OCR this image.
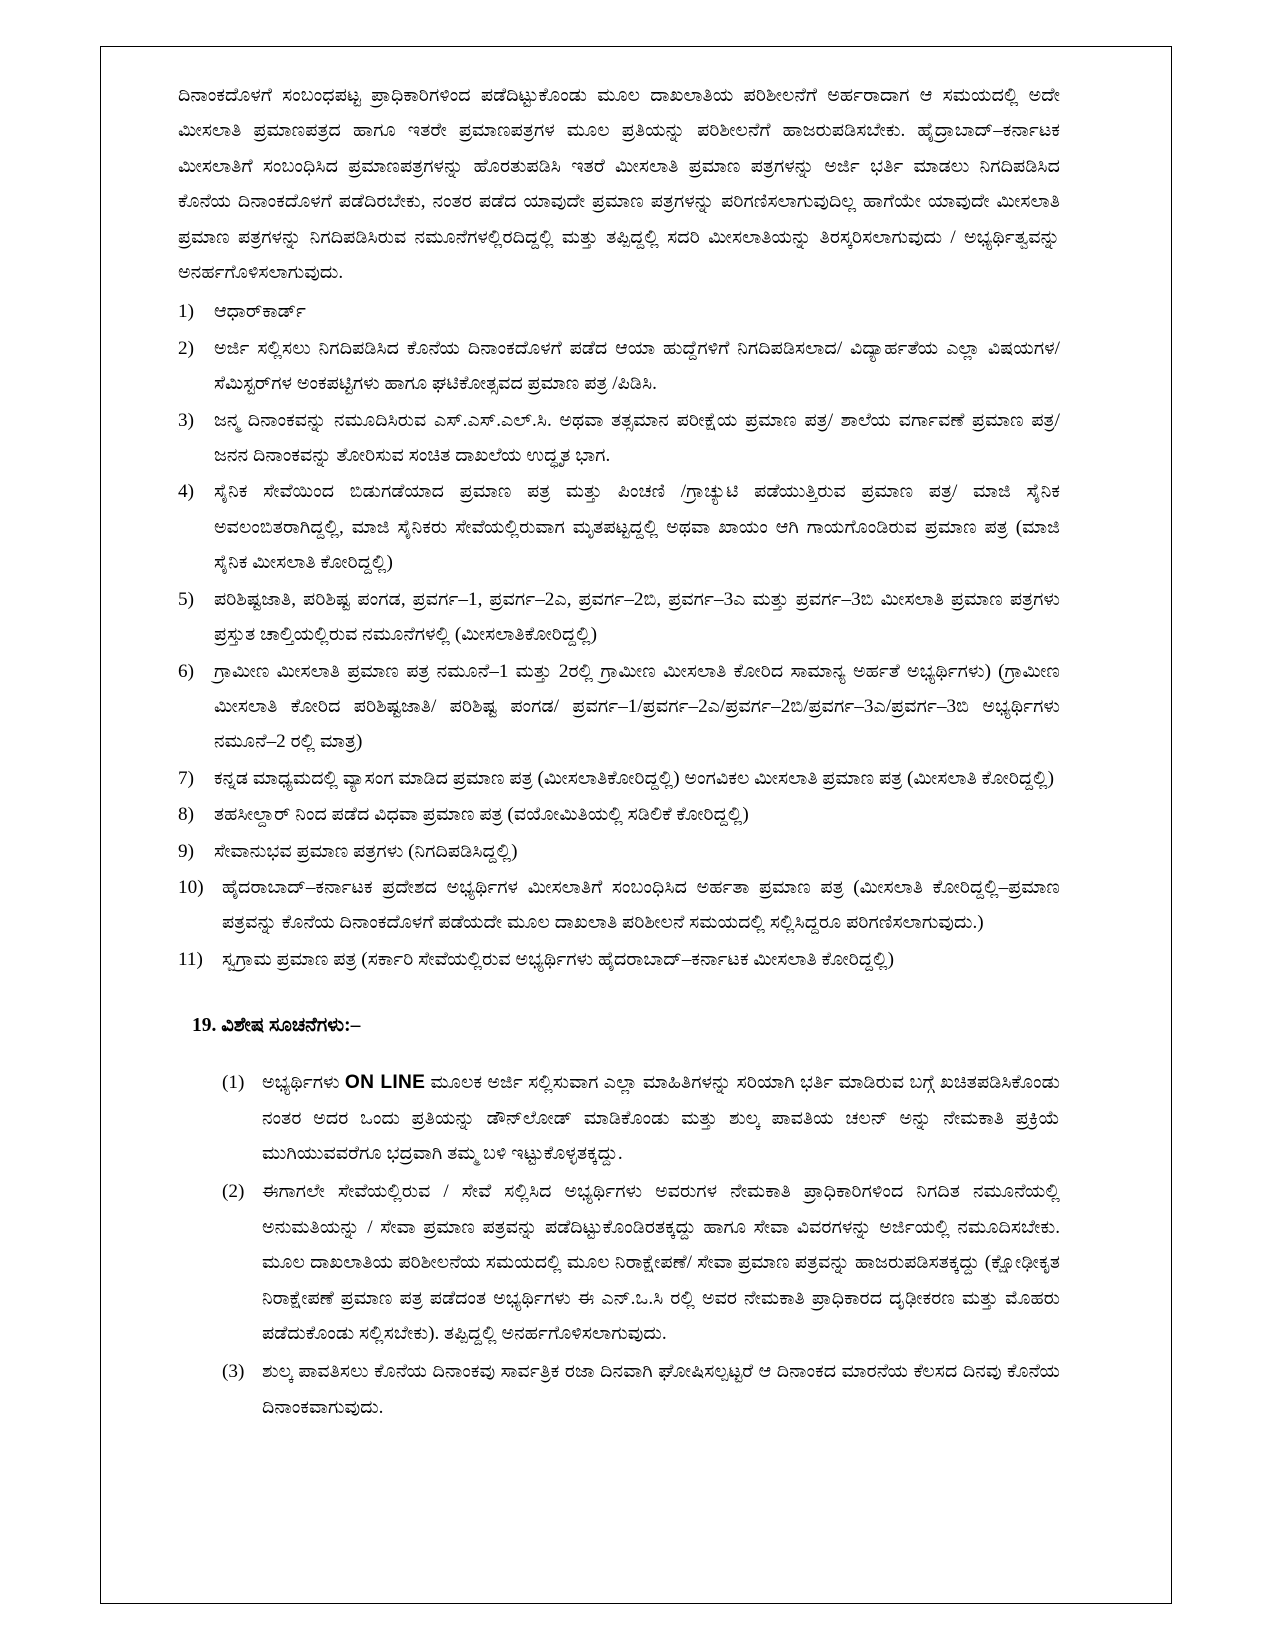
ದಿನಾಂಕದೊಳಗೆ ಸಂಬಂಧಪಟ್ಟ ಪ್ರಾಧಿಕಾರಿಗಳಿಂದ ಪಡೆದಿಟ್ಟುಕೊಂಡು ಮೂಲ ದಾಖಲಾತಿಯ ಪರಿಶೀಲನೆಗೆ ಅರ್ಹರಾದಾಗ ಆ ಸಮಯದಲ್ಲಿ ಅದೇ ಮೀಸಲಾತಿ ಪ್ರಮಾಣಪತ್ರದ ಹಾಗೂ ಇತರೇ ಪ್ರಮಾಣಪತ್ರಗಳ ಮೂಲ ಪ್ರತಿಯನ್ನು ಪರಿಶೀಲನೆಗೆ ಹಾಜರುಪಡಿಸಬೇಕು. ಹೈದ್ರಾಬಾದ್–ಕರ್ನಾಟಕ ಮೀಸಲಾತಿಗೆ ಸಂಬಂಧಿಸಿದ ಪ್ರಮಾಣಪತ್ರಗಳನ್ನು ಹೊರತುಪಡಿಸಿ ಇತರೆ ಮೀಸಲಾತಿ ಪ್ರಮಾಣ ಪತ್ರಗಳನ್ನು ಅರ್ಜಿ ಭರ್ತಿ ಮಾಡಲು ನಿಗದಿಪಡಿಸಿದ ಕೊನೆಯ ದಿನಾಂಕದೊಳಗೆ ಪಡೆದಿರಬೇಕು, ನಂತರ ಪಡೆದ ಯಾವುದೇ ಪ್ರಮಾಣ ಪತ್ರಗಳನ್ನು ಪರಿಗಣಿಸಲಾಗುವುದಿಲ್ಲ ಹಾಗೆಯೇ ಯಾವುದೇ ಮೀಸಲಾತಿ ಪ್ರಮಾಣ ಪತ್ರಗಳನ್ನು ನಿಗದಿಪಡಿಸಿರುವ ನಮೂನೆಗಳಲ್ಲಿರದಿದ್ದಲ್ಲಿ ಮತ್ತು ತಪ್ಪಿದ್ದಲ್ಲಿ ಸದರಿ ಮೀಸಲಾತಿಯನ್ನು ತಿರಸ್ಕರಿಸಲಾಗುವುದು / ಅಭ್ಯರ್ಥಿತ್ವವನ್ನು ಅನರ್ಹಗೊಳಿಸಲಾಗುವುದು.

1)	ಆಧಾರ್‌ಕಾರ್ಡ್
2)	ಅರ್ಜಿ ಸಲ್ಲಿಸಲು ನಿಗದಿಪಡಿಸಿದ ಕೊನೆಯ ದಿನಾಂಕದೊಳಗೆ ಪಡೆದ ಆಯಾ ಹುದ್ದೆಗಳಿಗೆ ನಿಗದಿಪಡಿಸಲಾದ/ ವಿದ್ಯಾರ್ಹತೆಯ ಎಲ್ಲಾ ವಿಷಯಗಳ/ ಸೆಮಿಸ್ಟರ್‌ಗಳ ಅಂಕಪಟ್ಟಿಗಳು ಹಾಗೂ ಘಟಿಕೋತ್ಸವದ ಪ್ರಮಾಣ ಪತ್ರ /ಪಿಡಿಸಿ.
3)	ಜನ್ಮ ದಿನಾಂಕವನ್ನು ನಮೂದಿಸಿರುವ ಎಸ್.ಎಸ್.ಎಲ್.ಸಿ. ಅಥವಾ ತತ್ಸಮಾನ ಪರೀಕ್ಷೆಯ ಪ್ರಮಾಣ ಪತ್ರ/ ಶಾಲೆಯ ವರ್ಗಾವಣೆ ಪ್ರಮಾಣ ಪತ್ರ/ ಜನನ ದಿನಾಂಕವನ್ನು ತೋರಿಸುವ ಸಂಚಿತ ದಾಖಲೆಯ ಉದ್ಧೃತ ಭಾಗ.
4)	ಸೈನಿಕ ಸೇವೆಯಿಂದ ಬಿಡುಗಡೆಯಾದ ಪ್ರಮಾಣ ಪತ್ರ ಮತ್ತು ಪಿಂಚಣಿ /ಗ್ರಾಚ್ಯುಟಿ ಪಡೆಯುತ್ತಿರುವ ಪ್ರಮಾಣ ಪತ್ರ/ ಮಾಜಿ ಸೈನಿಕ ಅವಲಂಬಿತರಾಗಿದ್ದಲ್ಲಿ, ಮಾಜಿ ಸೈನಿಕರು ಸೇವೆಯಲ್ಲಿರುವಾಗ ಮೃತಪಟ್ಟದ್ದಲ್ಲಿ ಅಥವಾ ಖಾಯಂ ಆಗಿ ಗಾಯಗೊಂಡಿರುವ ಪ್ರಮಾಣ ಪತ್ರ (ಮಾಜಿ ಸೈನಿಕ ಮೀಸಲಾತಿ ಕೋರಿದ್ದಲ್ಲಿ)
5)	ಪರಿಶಿಷ್ಟಜಾತಿ, ಪರಿಶಿಷ್ಟ ಪಂಗಡ, ಪ್ರವರ್ಗ–1, ಪ್ರವರ್ಗ–2ಎ, ಪ್ರವರ್ಗ–2ಬಿ, ಪ್ರವರ್ಗ–3ಎ ಮತ್ತು ಪ್ರವರ್ಗ–3ಬಿ ಮೀಸಲಾತಿ ಪ್ರಮಾಣ ಪತ್ರಗಳು ಪ್ರಸ್ತುತ ಚಾಲ್ತಿಯಲ್ಲಿರುವ ನಮೂನೆಗಳಲ್ಲಿ (ಮೀಸಲಾತಿಕೋರಿದ್ದಲ್ಲಿ)
6)	ಗ್ರಾಮೀಣ ಮೀಸಲಾತಿ ಪ್ರಮಾಣ ಪತ್ರ ನಮೂನೆ–1 ಮತ್ತು 2ರಲ್ಲಿ ಗ್ರಾಮೀಣ ಮೀಸಲಾತಿ ಕೋರಿದ ಸಾಮಾನ್ಯ ಅರ್ಹತೆ ಅಭ್ಯರ್ಥಿಗಳು) (ಗ್ರಾಮೀಣ ಮೀಸಲಾತಿ ಕೋರಿದ ಪರಿಶಿಷ್ಟಜಾತಿ/ ಪರಿಶಿಷ್ಟ ಪಂಗಡ/ ಪ್ರವರ್ಗ–1/ಪ್ರವರ್ಗ–2ಎ/ಪ್ರವರ್ಗ–2ಬಿ/ಪ್ರವರ್ಗ–3ಎ/ಪ್ರವರ್ಗ–3ಬಿ ಅಭ್ಯರ್ಥಿಗಳು ನಮೂನೆ–2 ರಲ್ಲಿ ಮಾತ್ರ)
7)	ಕನ್ನಡ ಮಾಧ್ಯಮದಲ್ಲಿ ವ್ಯಾಸಂಗ ಮಾಡಿದ ಪ್ರಮಾಣ ಪತ್ರ (ಮೀಸಲಾತಿಕೋರಿದ್ದಲ್ಲಿ) ಅಂಗವಿಕಲ ಮೀಸಲಾತಿ ಪ್ರಮಾಣ ಪತ್ರ (ಮೀಸಲಾತಿ ಕೋರಿದ್ದಲ್ಲಿ)
8)	ತಹಸೀಲ್ದಾರ್ ನಿಂದ ಪಡೆದ ವಿಧವಾ ಪ್ರಮಾಣ ಪತ್ರ (ವಯೋಮಿತಿಯಲ್ಲಿ ಸಡಿಲಿಕೆ ಕೋರಿದ್ದಲ್ಲಿ)
9)	ಸೇವಾನುಭವ ಪ್ರಮಾಣ ಪತ್ರಗಳು (ನಿಗದಿಪಡಿಸಿದ್ದಲ್ಲಿ)
10) ಹೈದರಾಬಾದ್–ಕರ್ನಾಟಕ ಪ್ರದೇಶದ ಅಭ್ಯರ್ಥಿಗಳ ಮೀಸಲಾತಿಗೆ ಸಂಬಂಧಿಸಿದ ಅರ್ಹತಾ ಪ್ರಮಾಣ ಪತ್ರ (ಮೀಸಲಾತಿ ಕೋರಿದ್ದಲ್ಲಿ–ಪ್ರಮಾಣ ಪತ್ರವನ್ನು ಕೊನೆಯ ದಿನಾಂಕದೊಳಗೆ ಪಡೆಯದೇ ಮೂಲ ದಾಖಲಾತಿ ಪರಿಶೀಲನೆ ಸಮಯದಲ್ಲಿ ಸಲ್ಲಿಸಿದ್ದರೂ ಪರಿಗಣಿಸಲಾಗುವುದು.)
11) ಸ್ವಗ್ರಾಮ ಪ್ರಮಾಣ ಪತ್ರ (ಸರ್ಕಾರಿ ಸೇವೆಯಲ್ಲಿರುವ ಅಭ್ಯರ್ಥಿಗಳು ಹೈದರಾಬಾದ್–ಕರ್ನಾಟಕ ಮೀಸಲಾತಿ ಕೋರಿದ್ದಲ್ಲಿ)
19. ವಿಶೇಷ ಸೂಚನೆಗಳು:–
(1) ಅಭ್ಯರ್ಥಿಗಳು ON LINE ಮೂಲಕ ಅರ್ಜಿ ಸಲ್ಲಿಸುವಾಗ ಎಲ್ಲಾ ಮಾಹಿತಿಗಳನ್ನು ಸರಿಯಾಗಿ ಭರ್ತಿ ಮಾಡಿರುವ ಬಗ್ಗೆ ಖಚಿತಪಡಿಸಿಕೊಂಡು ನಂತರ ಅದರ ಒಂದು ಪ್ರತಿಯನ್ನು ಡೌನ್‌ಲೋಡ್ ಮಾಡಿಕೊಂಡು ಮತ್ತು ಶುಲ್ಕ ಪಾವತಿಯ ಚಲನ್ ಅನ್ನು ನೇಮಕಾತಿ ಪ್ರಕ್ರಿಯೆ ಮುಗಿಯುವವರೆಗೂ ಭದ್ರವಾಗಿ ತಮ್ಮ ಬಳಿ ಇಟ್ಟುಕೊಳ್ಳತಕ್ಕದ್ದು.
(2) ಈಗಾಗಲೇ ಸೇವೆಯಲ್ಲಿರುವ / ಸೇವೆ ಸಲ್ಲಿಸಿದ ಅಭ್ಯರ್ಥಿಗಳು ಅವರುಗಳ ನೇಮಕಾತಿ ಪ್ರಾಧಿಕಾರಿಗಳಿಂದ ನಿಗದಿತ ನಮೂನೆಯಲ್ಲಿ ಅನುಮತಿಯನ್ನು / ಸೇವಾ ಪ್ರಮಾಣ ಪತ್ರವನ್ನು ಪಡೆದಿಟ್ಟುಕೊಂಡಿರತಕ್ಕದ್ದು ಹಾಗೂ ಸೇವಾ ವಿವರಗಳನ್ನು ಅರ್ಜಿಯಲ್ಲಿ ನಮೂದಿಸಬೇಕು. ಮೂಲ ದಾಖಲಾತಿಯ ಪರಿಶೀಲನೆಯ ಸಮಯದಲ್ಲಿ ಮೂಲ ನಿರಾಕ್ಷೇಪಣೆ/ ಸೇವಾ ಪ್ರಮಾಣ ಪತ್ರವನ್ನು ಹಾಜರುಪಡಿಸತಕ್ಕದ್ದು (ಕ್ಷೋಢೀಕೃತ ನಿರಾಕ್ಷೇಪಣೆ ಪ್ರಮಾಣ ಪತ್ರ ಪಡೆದಂತ ಅಭ್ಯರ್ಥಿಗಳು ಈ ಎನ್.ಒ.ಸಿ ರಲ್ಲಿ ಅವರ ನೇಮಕಾತಿ ಪ್ರಾಧಿಕಾರದ ದೃಢೀಕರಣ ಮತ್ತು ಮೊಹರು ಪಡೆದುಕೊಂಡು ಸಲ್ಲಿಸಬೇಕು). ತಪ್ಪಿದ್ದಲ್ಲಿ ಅನರ್ಹಗೊಳಿಸಲಾಗುವುದು.
(3) ಶುಲ್ಕ ಪಾವತಿಸಲು ಕೊನೆಯ ದಿನಾಂಕವು ಸಾರ್ವತ್ರಿಕ ರಜಾ ದಿನವಾಗಿ ಘೋಷಿಸಲ್ಪಟ್ಟರೆ ಆ ದಿನಾಂಕದ ಮಾರನೆಯ ಕೆಲಸದ ದಿನವು ಕೊನೆಯ ದಿನಾಂಕವಾಗುವುದು.
